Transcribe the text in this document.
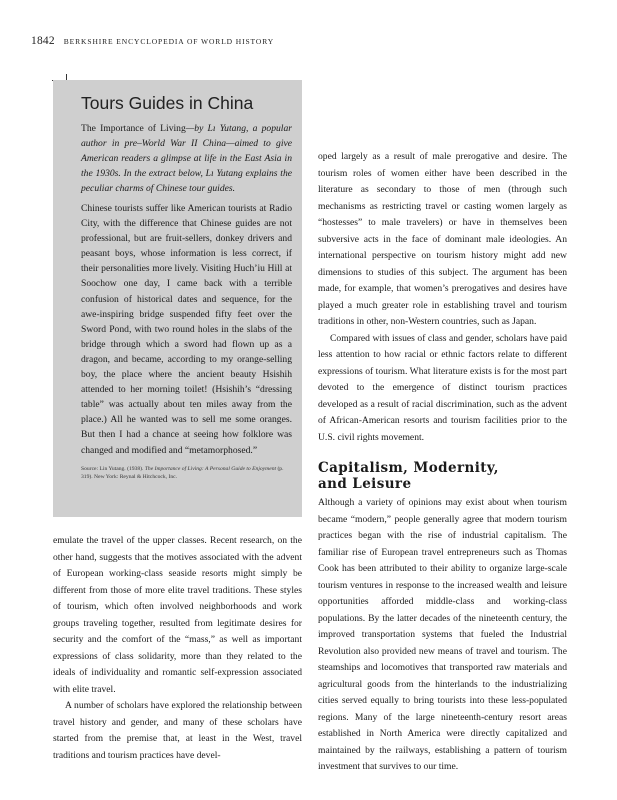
1842 BERKSHIRE ENCYCLOPEDIA OF WORLD HISTORY
Tours Guides in China

The Importance of Living—by Lı Yutang, a popular author in pre–World War II China—aimed to give American readers a glimpse at life in the East Asia in the 1930s. In the extract below, Lı Yutang explains the peculiar charms of Chinese tour guides.

Chinese tourists suffer like American tourists at Radio City, with the difference that Chinese guides are not professional, but are fruit-sellers, donkey drivers and peasant boys, whose information is less correct, if their personalities more lively. Visiting Huch’iu Hill at Soochow one day, I came back with a terrible confusion of historical dates and sequence, for the awe-inspiring bridge suspended fifty feet over the Sword Pond, with two round holes in the slabs of the bridge through which a sword had flown up as a dragon, and became, according to my orange-selling boy, the place where the ancient beauty Hsishih attended to her morning toilet! (Hsishih’s “dressing table” was actually about ten miles away from the place.) All he wanted was to sell me some oranges. But then I had a chance at seeing how folklore was changed and modified and “metamorphosed.”

Source: Lin Yutang. (1938). The Importance of Living: A Personal Guide to Enjoyment (p. 319). New York: Reynal & Hitchcock, Inc.

emulate the travel of the upper classes. Recent research, on the other hand, suggests that the motives associated with the advent of European working-class seaside resorts might simply be different from those of more elite travel traditions. These styles of tourism, which often involved neighborhoods and work groups traveling together, resulted from legitimate desires for security and the comfort of the “mass,” as well as important expressions of class solidarity, more than they related to the ideals of individuality and romantic self-expression associated with elite travel.

A number of scholars have explored the relationship between travel history and gender, and many of these scholars have started from the premise that, at least in the West, travel traditions and tourism practices have devel-

oped largely as a result of male prerogative and desire. The tourism roles of women either have been described in the literature as secondary to those of men (through such mechanisms as restricting travel or casting women largely as “hostesses” to male travelers) or have in themselves been subversive acts in the face of dominant male ideologies. An international perspective on tourism history might add new dimensions to studies of this subject. The argument has been made, for example, that women’s prerogatives and desires have played a much greater role in establishing travel and tourism traditions in other, non-Western countries, such as Japan.

Compared with issues of class and gender, scholars have paid less attention to how racial or ethnic factors relate to different expressions of tourism. What literature exists is for the most part devoted to the emergence of distinct tourism practices developed as a result of racial discrimination, such as the advent of African-American resorts and tourism facilities prior to the U.S. civil rights movement.

Capitalism, Modernity,
and Leisure

Although a variety of opinions may exist about when tourism became “modern,” people generally agree that modern tourism practices began with the rise of industrial capitalism. The familiar rise of European travel entrepreneurs such as Thomas Cook has been attributed to their ability to organize large-scale tourism ventures in response to the increased wealth and leisure opportunities afforded middle-class and working-class populations. By the latter decades of the nineteenth century, the improved transportation systems that fueled the Industrial Revolution also provided new means of travel and tourism. The steamships and locomotives that transported raw materials and agricultural goods from the hinterlands to the industrializing cities served equally to bring tourists into these less-populated regions. Many of the large nineteenth-century resort areas established in North America were directly capitalized and maintained by the railways, establishing a pattern of tourism investment that survives to our time.
